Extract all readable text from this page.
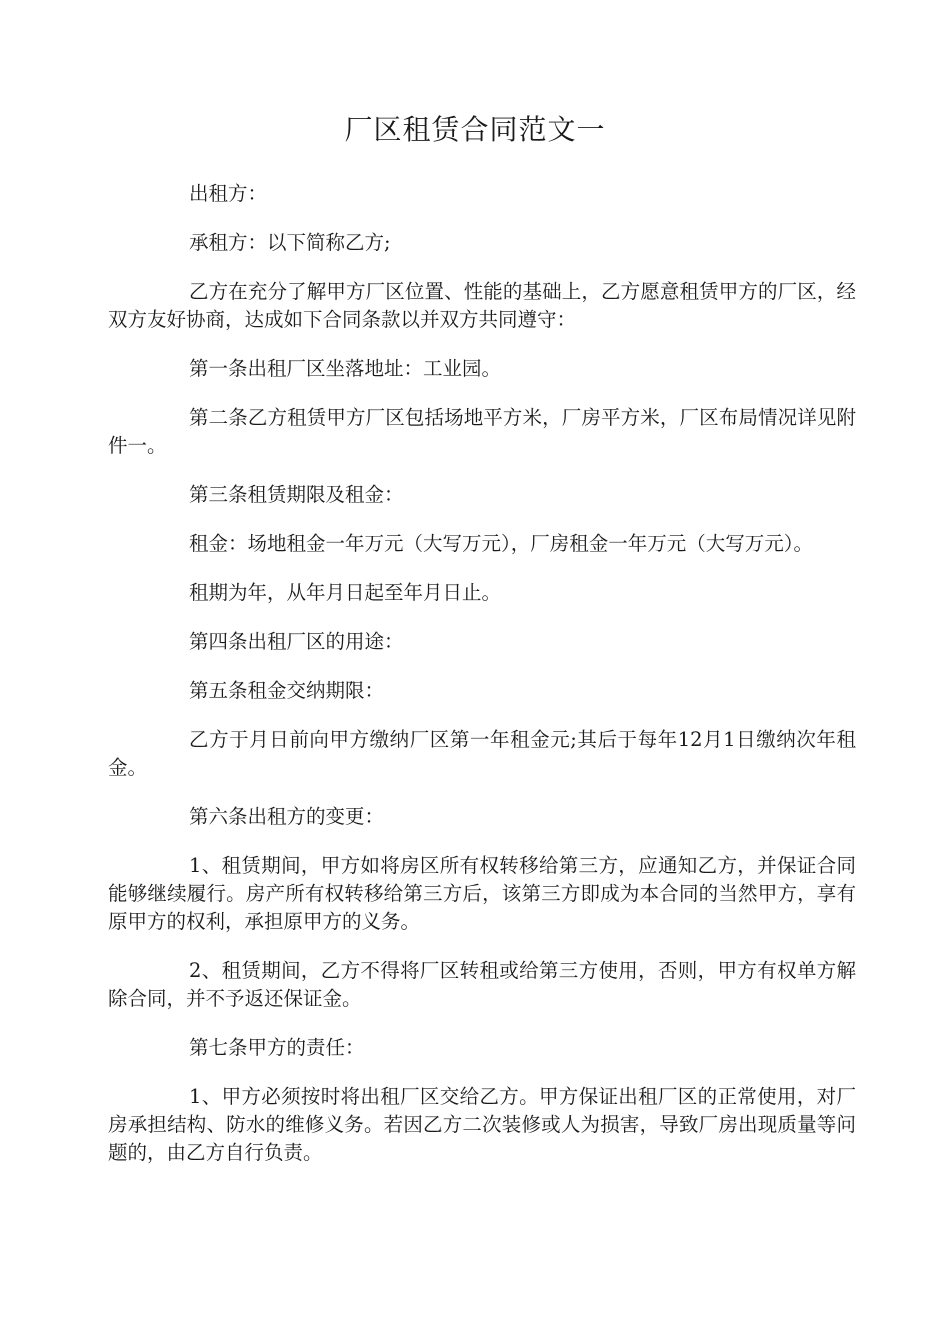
厂区租赁合同范文一

出租方：

承租方：以下简称乙方;

乙方在充分了解甲方厂区位置、性能的基础上，乙方愿意租赁甲方的厂区，经双方友好协商，达成如下合同条款以并双方共同遵守：

第一条出租厂区坐落地址：工业园。

第二条乙方租赁甲方厂区包括场地平方米，厂房平方米，厂区布局情况详见附件一。

第三条租赁期限及租金：

租金：场地租金一年万元（大写万元），厂房租金一年万元（大写万元）。

租期为年，从年月日起至年月日止。

第四条出租厂区的用途：

第五条租金交纳期限：

乙方于月日前向甲方缴纳厂区第一年租金元;其后于每年12月1日缴纳次年租金。

第六条出租方的变更：

1、租赁期间，甲方如将房区所有权转移给第三方，应通知乙方，并保证合同能够继续履行。房产所有权转移给第三方后，该第三方即成为本合同的当然甲方，享有原甲方的权利，承担原甲方的义务。

2、租赁期间，乙方不得将厂区转租或给第三方使用，否则，甲方有权单方解除合同，并不予返还保证金。

第七条甲方的责任：

1、甲方必须按时将出租厂区交给乙方。甲方保证出租厂区的正常使用，对厂房承担结构、防水的维修义务。若因乙方二次装修或人为损害，导致厂房出现质量等问题的，由乙方自行负责。
